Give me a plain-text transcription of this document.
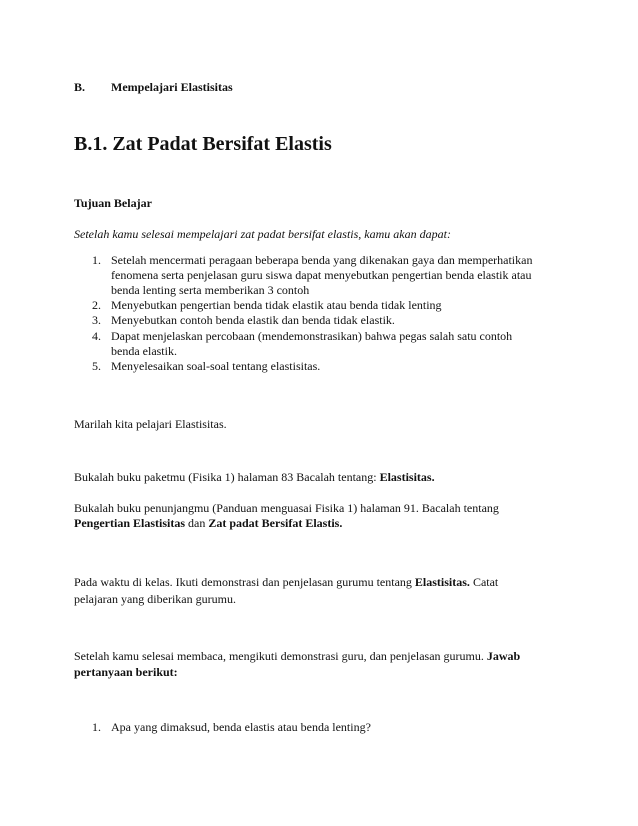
B. Mempelajari Elastisitas
B.1. Zat Padat Bersifat Elastis
Tujuan Belajar
Setelah kamu selesai mempelajari zat padat bersifat elastis, kamu akan dapat:
1. Setelah mencermati peragaan beberapa benda yang dikenakan gaya dan memperhatikan
fenomena serta penjelasan guru siswa dapat menyebutkan pengertian benda elastik atau
benda lenting serta memberikan 3 contoh
2. Menyebutkan pengertian benda tidak elastik atau benda tidak lenting
3. Menyebutkan contoh benda elastik dan benda tidak elastik.
4. Dapat menjelaskan percobaan (mendemonstrasikan) bahwa pegas salah satu contoh
benda elastik.
5. Menyelesaikan soal-soal tentang elastisitas.
Marilah kita pelajari Elastisitas.
Bukalah buku paketmu (Fisika 1) halaman 83 Bacalah tentang: Elastisitas.
Bukalah buku penunjangmu (Panduan menguasai Fisika 1) halaman 91. Bacalah tentang
Pengertian Elastisitas dan Zat padat Bersifat Elastis.
Pada waktu di kelas. Ikuti demonstrasi dan penjelasan gurumu tentang Elastisitas. Catat
pelajaran yang diberikan gurumu.
Setelah kamu selesai membaca, mengikuti demonstrasi guru, dan penjelasan gurumu. Jawab
pertanyaan berikut:
1. Apa yang dimaksud, benda elastis atau benda lenting?
